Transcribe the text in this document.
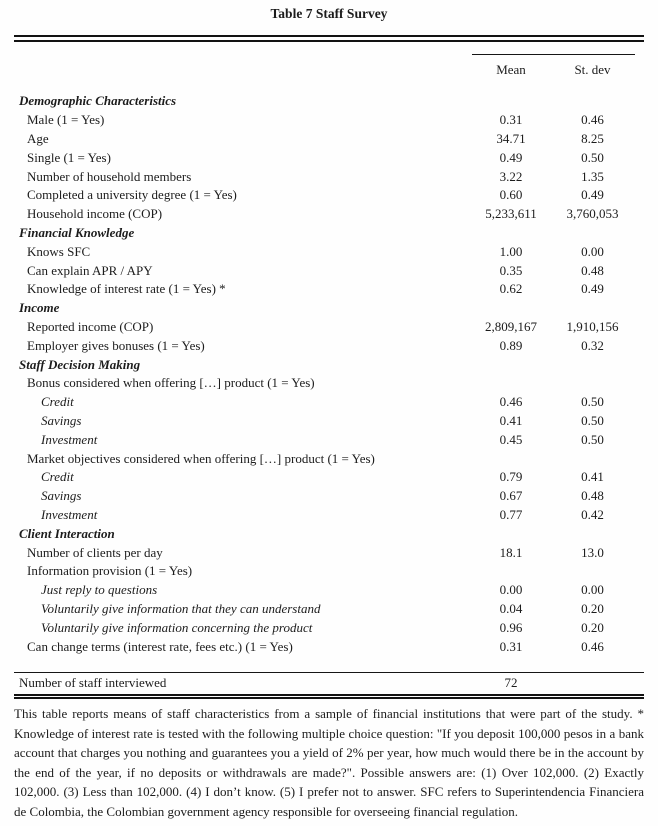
Table 7 Staff Survey
Mean	St. dev
Demographic Characteristics
Male (1 = Yes)	0.31	0.46
Age	34.71	8.25
Single (1 = Yes)	0.49	0.50
Number of household members	3.22	1.35
Completed a university degree (1 = Yes)	0.60	0.49
Household income (COP)	5,233,611	3,760,053
Financial Knowledge
Knows SFC	1.00	0.00
Can explain APR / APY	0.35	0.48
Knowledge of interest rate (1 = Yes) *	0.62	0.49
Income
Reported income (COP)	2,809,167	1,910,156
Employer gives bonuses (1 = Yes)	0.89	0.32
Staff Decision Making
Bonus considered when offering […] product (1 = Yes)
Credit	0.46	0.50
Savings	0.41	0.50
Investment	0.45	0.50
Market objectives considered when offering […] product (1 = Yes)
Credit	0.79	0.41
Savings	0.67	0.48
Investment	0.77	0.42
Client Interaction
Number of clients per day	18.1	13.0
Information provision (1 = Yes)
Just reply to questions	0.00	0.00
Voluntarily give information that they can understand	0.04	0.20
Voluntarily give information concerning the product	0.96	0.20
Can change terms (interest rate, fees etc.) (1 = Yes)	0.31	0.46
Number of staff interviewed	72
This table reports means of staff characteristics from a sample of financial institutions that were part of the study. * Knowledge of interest rate is tested with the following multiple choice question: "If you deposit 100,000 pesos in a bank account that charges you nothing and guarantees you a yield of 2% per year, how much would there be in the account by the end of the year, if no deposits or withdrawals are made?". Possible answers are: (1) Over 102,000. (2) Exactly 102,000. (3) Less than 102,000. (4) I don’t know. (5) I prefer not to answer. SFC refers to Superintendencia Financiera de Colombia, the Colombian government agency responsible for overseeing financial regulation.
